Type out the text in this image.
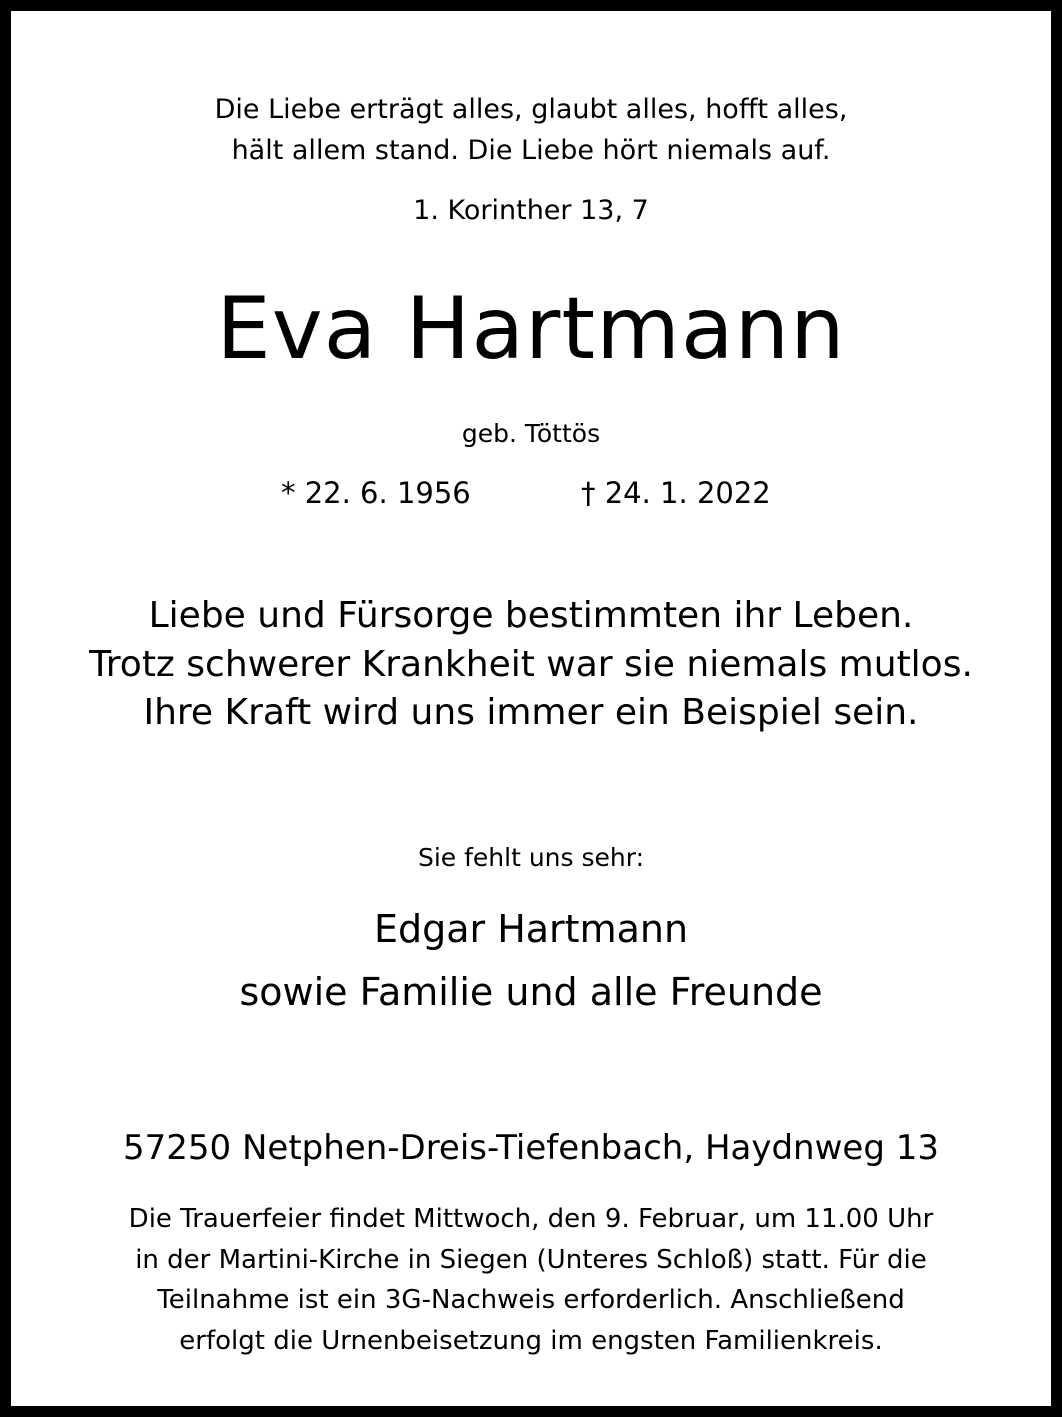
Die Liebe erträgt alles, glaubt alles, hofft alles,
hält allem stand. Die Liebe hört niemals auf.
1. Korinther 13, 7
Eva Hartmann
geb. Töttös
* 22. 6. 1956	† 24. 1. 2022
Liebe und Fürsorge bestimmten ihr Leben.
Trotz schwerer Krankheit war sie niemals mutlos.
Ihre Kraft wird uns immer ein Beispiel sein.
Sie fehlt uns sehr:
Edgar Hartmann
sowie Familie und alle Freunde
57250 Netphen-Dreis-Tiefenbach, Haydnweg 13
Die Trauerfeier findet Mittwoch, den 9. Februar, um 11.00 Uhr
in der Martini-Kirche in Siegen (Unteres Schloß) statt. Für die
Teilnahme ist ein 3G-Nachweis erforderlich. Anschließend
erfolgt die Urnenbeisetzung im engsten Familienkreis.
